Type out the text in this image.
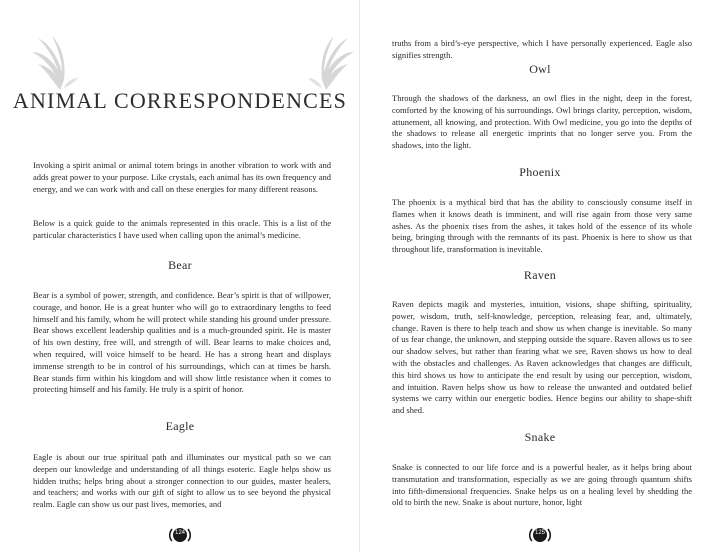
ANIMAL CORRESPONDENCES

Invoking a spirit animal or animal totem brings in another vibration to work with and adds great power to your purpose. Like crystals, each animal has its own frequency and energy, and we can work with and call on these energies for many different reasons.

Below is a quick guide to the animals represented in this oracle. This is a list of the particular characteristics I have used when calling upon the animal’s medicine.

Bear

Bear is a symbol of power, strength, and confidence. Bear’s spirit is that of willpower, courage, and honor. He is a great hunter who will go to extraordinary lengths to feed himself and his family, whom he will protect while standing his ground under pressure. Bear shows excellent leadership qualities and is a much-grounded spirit. He is master of his own destiny, free will, and strength of will. Bear learns to make choices and, when required, will voice himself to be heard. He has a strong heart and displays immense strength to be in control of his surroundings, which can at times be harsh. Bear stands firm within his kingdom and will show little resistance when it comes to protecting himself and his family. He truly is a spirit of honor.

Eagle

Eagle is about our true spiritual path and illuminates our mystical path so we can deepen our knowledge and understanding of all things esoteric. Eagle helps show us hidden truths; helps bring about a stronger connection to our guides, master healers, and teachers; and works with our gift of sight to allow us to see beyond the physical realm. Eagle can show us our past lives, memories, and

124

truths from a bird’s-eye perspective, which I have personally experienced. Eagle also signifies strength.

Owl

Through the shadows of the darkness, an owl flies in the night, deep in the forest, comforted by the knowing of his surroundings. Owl brings clarity, perception, wisdom, attunement, all knowing, and protection. With Owl medicine, you go into the depths of the shadows to release all energetic imprints that no longer serve you. From the shadows, into the light.

Phoenix

The phoenix is a mythical bird that has the ability to consciously consume itself in flames when it knows death is imminent, and will rise again from those very same ashes. As the phoenix rises from the ashes, it takes hold of the essence of its whole being, bringing through with the remnants of its past. Phoenix is here to show us that throughout life, transformation is inevitable.

Raven

Raven depicts magik and mysteries, intuition, visions, shape shifting, spirituality, power, wisdom, truth, self-knowledge, perception, releasing fear, and, ultimately, change. Raven is there to help teach and show us when change is inevitable. So many of us fear change, the unknown, and stepping outside the square. Raven allows us to see our shadow selves, but rather than fearing what we see, Raven shows us how to deal with the obstacles and challenges. As Raven acknowledges that changes are difficult, this bird shows us how to anticipate the end result by using our perception, wisdom, and intuition. Raven helps show us how to release the unwanted and outdated belief systems we carry within our energetic bodies. Hence begins our ability to shape-shift and shed.

Snake

Snake is connected to our life force and is a powerful healer, as it helps bring about transmutation and transformation, especially as we are going through quantum shifts into fifth-dimensional frequencies. Snake helps us on a healing level by shedding the old to birth the new. Snake is about nurture, honor, light

125
